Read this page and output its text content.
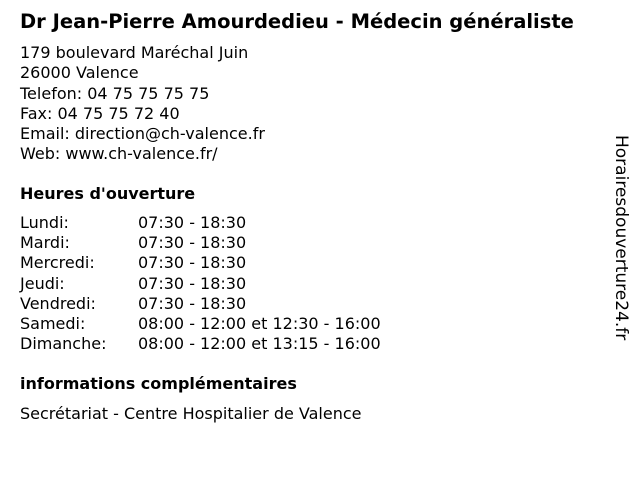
Dr Jean-Pierre Amourdedieu - Médecin généraliste
179 boulevard Maréchal Juin
26000 Valence
Telefon: 04 75 75 75 75
Fax: 04 75 75 72 40
Email: direction@ch-valence.fr
Web: www.ch-valence.fr/
Heures d'ouverture
Lundi:	07:30 - 18:30
Mardi:	07:30 - 18:30
Mercredi:	07:30 - 18:30
Jeudi:	07:30 - 18:30
Vendredi:	07:30 - 18:30
Samedi:	08:00 - 12:00 et 12:30 - 16:00
Dimanche:	08:00 - 12:00 et 13:15 - 16:00
informations complémentaires
Secrétariat - Centre Hospitalier de Valence
Horairesdouverture24.fr
